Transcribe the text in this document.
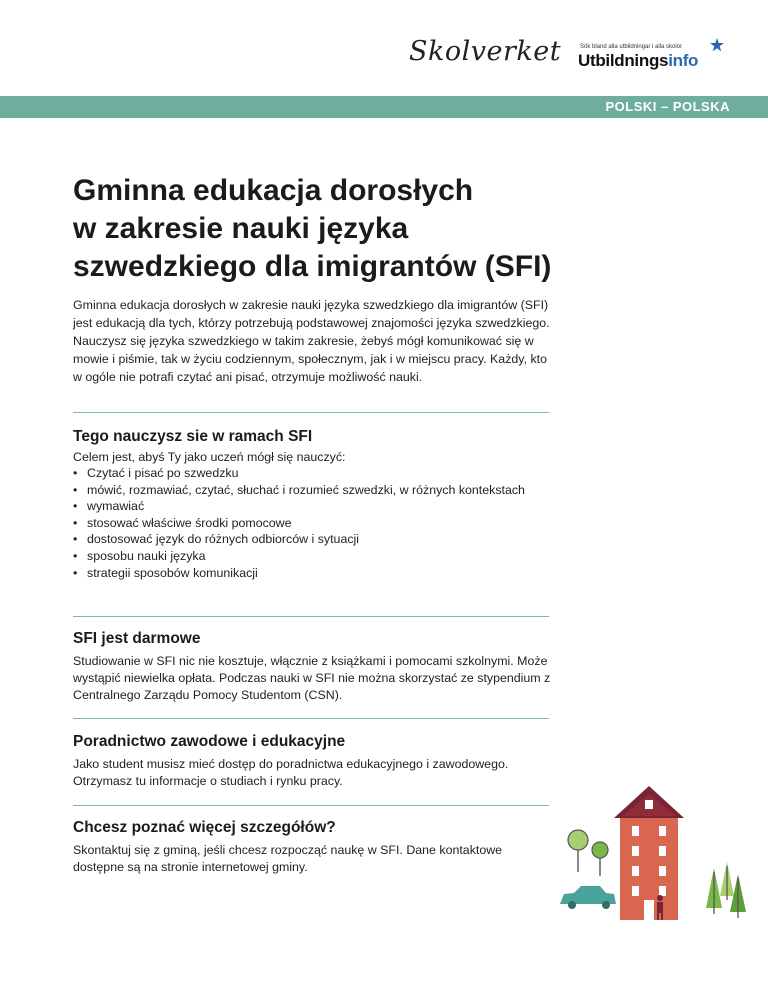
Skolverket	Sök bland alla utbildningar i alla skolor
Utbildningsinfo
POLSKI – POLSKA
Gminna edukacja dorosłych
w zakresie nauki języka
szwedzkiego dla imigrantów (SFI)

Gminna edukacja dorosłych w zakresie nauki języka szwedzkiego dla imigrantów (SFI) jest edukacją dla tych, którzy potrzebują podstawowej znajomości języka szwedzkiego. Nauczysz się języka szwedzkiego w takim zakresie, żebyś mógł komunikować się w mowie i piśmie, tak w życiu codziennym, społecznym, jak i w miejscu pracy. Każdy, kto w ogóle nie potrafi czytać ani pisać, otrzymuje możliwość nauki.

Tego nauczysz sie w ramach SFI

Celem jest, abyś Ty jako uczeń mógł się nauczyć:

• Czytać i pisać po szwedzku
• mówić, rozmawiać, czytać, słuchać i rozumieć szwedzki, w różnych kontekstach
• wymawiać
• stosować właściwe środki pomocowe
• dostosować język do różnych odbiorców i sytuacji
• sposobu nauki języka
• strategii sposobów komunikacji
SFI jest darmowe

Studiowanie w SFI nic nie kosztuje, włącznie z książkami i pomocami szkolnymi. Może wystąpić niewielka opłata. Podczas nauki w SFI nie można skorzystać ze stypendium z Centralnego Zarządu Pomocy Studentom (CSN).

Poradnictwo zawodowe i edukacyjne

Jako student musisz mieć dostęp do poradnictwa edukacyjnego i zawodowego. Otrzymasz tu informacje o studiach i rynku pracy.

Chcesz poznać więcej szczegółów?

Skontaktuj się z gminą, jeśli chcesz rozpocząć naukę w SFI. Dane kontaktowe dostępne są na stronie internetowej gminy.
